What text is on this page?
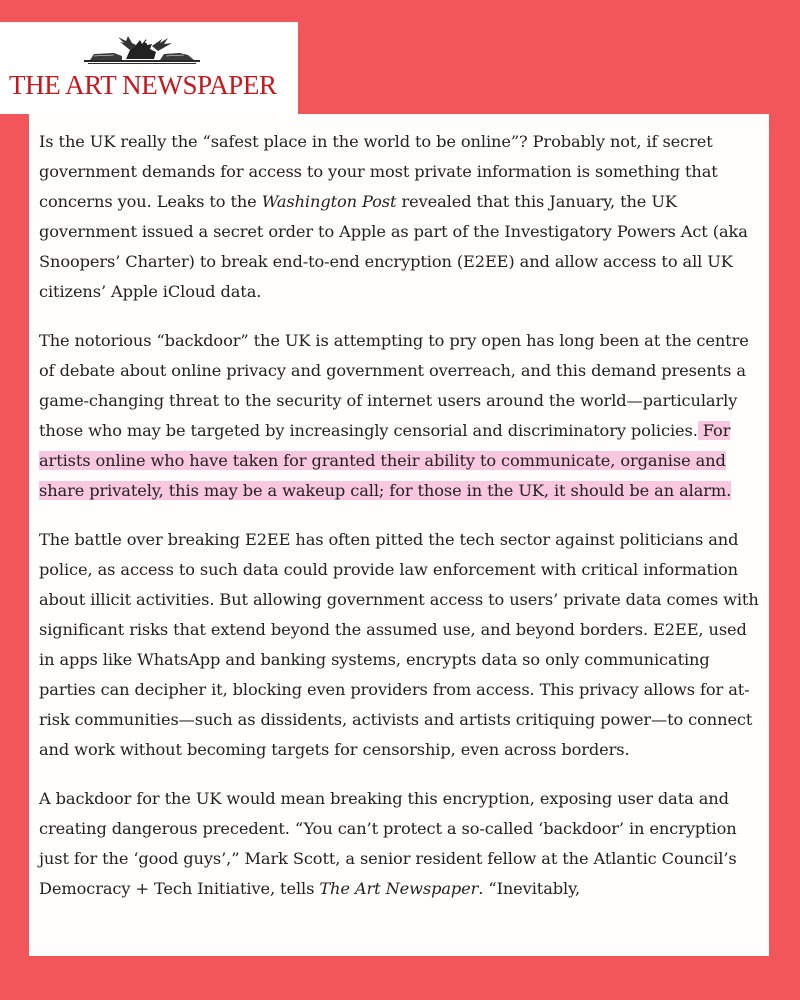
THE ART NEWSPAPER

Is the UK really the “safest place in the world to be online”? Probably not, if secret government demands for access to your most private information is something that concerns you. Leaks to the Washington Post revealed that this January, the UK government issued a secret order to Apple as part of the Investigatory Powers Act (aka Snoopers’ Charter) to break end-to-end encryption (E2EE) and allow access to all UK citizens’ Apple iCloud data.

The notorious “backdoor” the UK is attempting to pry open has long been at the centre of debate about online privacy and government overreach, and this demand presents a game-changing threat to the security of internet users around the world—particularly those who may be targeted by increasingly censorial and discriminatory policies. For artists online who have taken for granted their ability to communicate, organise and share privately, this may be a wakeup call; for those in the UK, it should be an alarm.

The battle over breaking E2EE has often pitted the tech sector against politicians and police, as access to such data could provide law enforcement with critical information about illicit activities. But allowing government access to users’ private data comes with significant risks that extend beyond the assumed use, and beyond borders. E2EE, used in apps like WhatsApp and banking systems, encrypts data so only communicating parties can decipher it, blocking even providers from access. This privacy allows for at-risk communities—such as dissidents, activists and artists critiquing power—to connect and work without becoming targets for censorship, even across borders.

A backdoor for the UK would mean breaking this encryption, exposing user data and creating dangerous precedent. “You can’t protect a so-called ‘backdoor’ in encryption just for the ‘good guys’,” Mark Scott, a senior resident fellow at the Atlantic Council’s Democracy + Tech Initiative, tells The Art Newspaper. “Inevitably,
